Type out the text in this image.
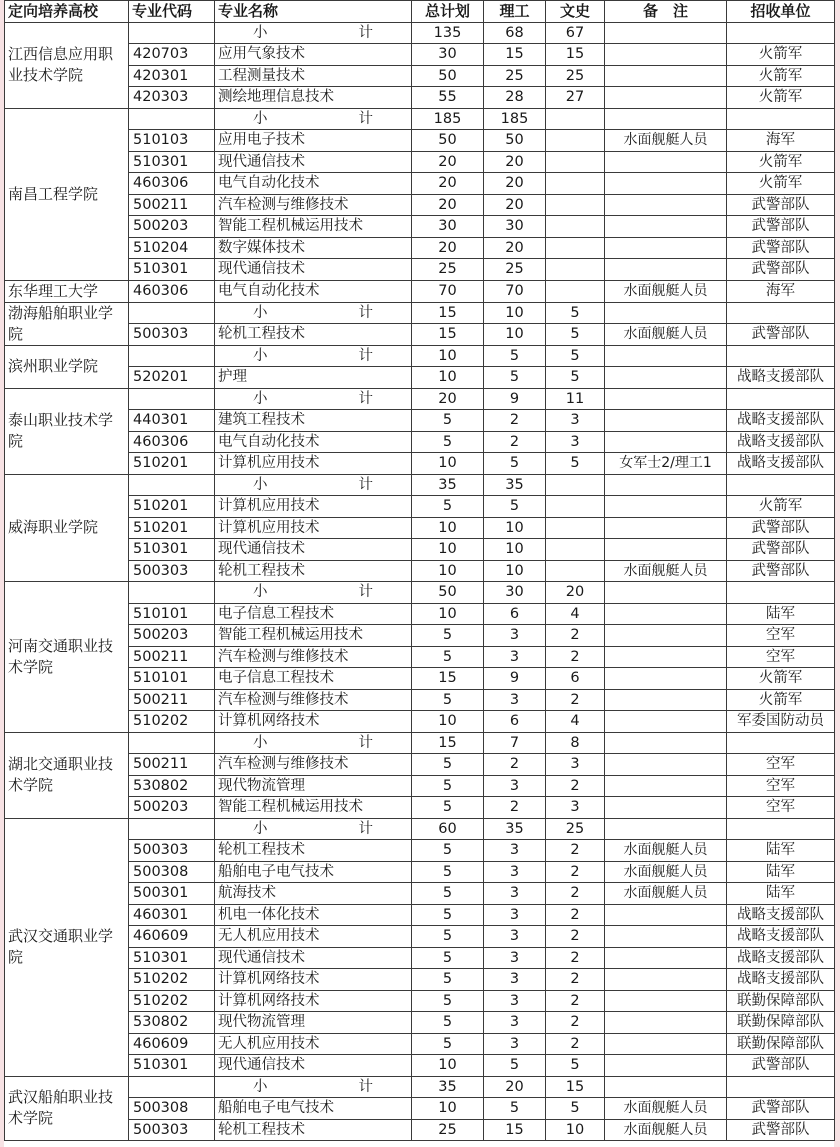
定向培养高校	专业代码	专业名称	总计划	理工	文史	备　注	招收单位
江西信息应用职业技术学院		小　　计	135	68	67		
	420703	应用气象技术	30	15	15		火箭军
	420301	工程测量技术	50	25	25		火箭军
	420303	测绘地理信息技术	55	28	27		火箭军
南昌工程学院		小　　计	185	185			
	510103	应用电子技术	50	50		水面舰艇人员	海军
	510301	现代通信技术	20	20			火箭军
	460306	电气自动化技术	20	20			火箭军
	500211	汽车检测与维修技术	20	20			武警部队
	500203	智能工程机械运用技术	30	30			武警部队
	510204	数字媒体技术	20	20			武警部队
	510301	现代通信技术	25	25			武警部队
东华理工大学	460306	电气自动化技术	70	70		水面舰艇人员	海军
渤海船舶职业学院		小　　计	15	10	5		
	500303	轮机工程技术	15	10	5	水面舰艇人员	武警部队
滨州职业学院		小　　计	10	5	5		
	520201	护理	10	5	5		战略支援部队
泰山职业技术学院		小　　计	20	9	11		
	440301	建筑工程技术	5	2	3		战略支援部队
	460306	电气自动化技术	5	2	3		战略支援部队
	510201	计算机应用技术	10	5	5	女军士2/理工1	战略支援部队
威海职业学院		小　　计	35	35			
	510201	计算机应用技术	5	5			火箭军
	510201	计算机应用技术	10	10			武警部队
	510301	现代通信技术	10	10			武警部队
	500303	轮机工程技术	10	10		水面舰艇人员	武警部队
河南交通职业技术学院		小　　计	50	30	20		
	510101	电子信息工程技术	10	6	4		陆军
	500203	智能工程机械运用技术	5	3	2		空军
	500211	汽车检测与维修技术	5	3	2		空军
	510101	电子信息工程技术	15	9	6		火箭军
	500211	汽车检测与维修技术	5	3	2		火箭军
	510202	计算机网络技术	10	6	4		军委国防动员
湖北交通职业技术学院		小　　计	15	7	8		
	500211	汽车检测与维修技术	5	2	3		空军
	530802	现代物流管理	5	3	2		空军
	500203	智能工程机械运用技术	5	2	3		空军
武汉交通职业学院		小　　计	60	35	25		
	500303	轮机工程技术	5	3	2	水面舰艇人员	陆军
	500308	船舶电子电气技术	5	3	2	水面舰艇人员	陆军
	500301	航海技术	5	3	2	水面舰艇人员	陆军
	460301	机电一体化技术	5	3	2		战略支援部队
	460609	无人机应用技术	5	3	2		战略支援部队
	510301	现代通信技术	5	3	2		战略支援部队
	510202	计算机网络技术	5	3	2		战略支援部队
	510202	计算机网络技术	5	3	2		联勤保障部队
	530802	现代物流管理	5	3	2		联勤保障部队
	460609	无人机应用技术	5	3	2		联勤保障部队
	510301	现代通信技术	10	5	5		武警部队
武汉船舶职业技术学院		小　　计	35	20	15		
	500308	船舶电子电气技术	10	5	5	水面舰艇人员	武警部队
	500303	轮机工程技术	25	15	10	水面舰艇人员	武警部队
